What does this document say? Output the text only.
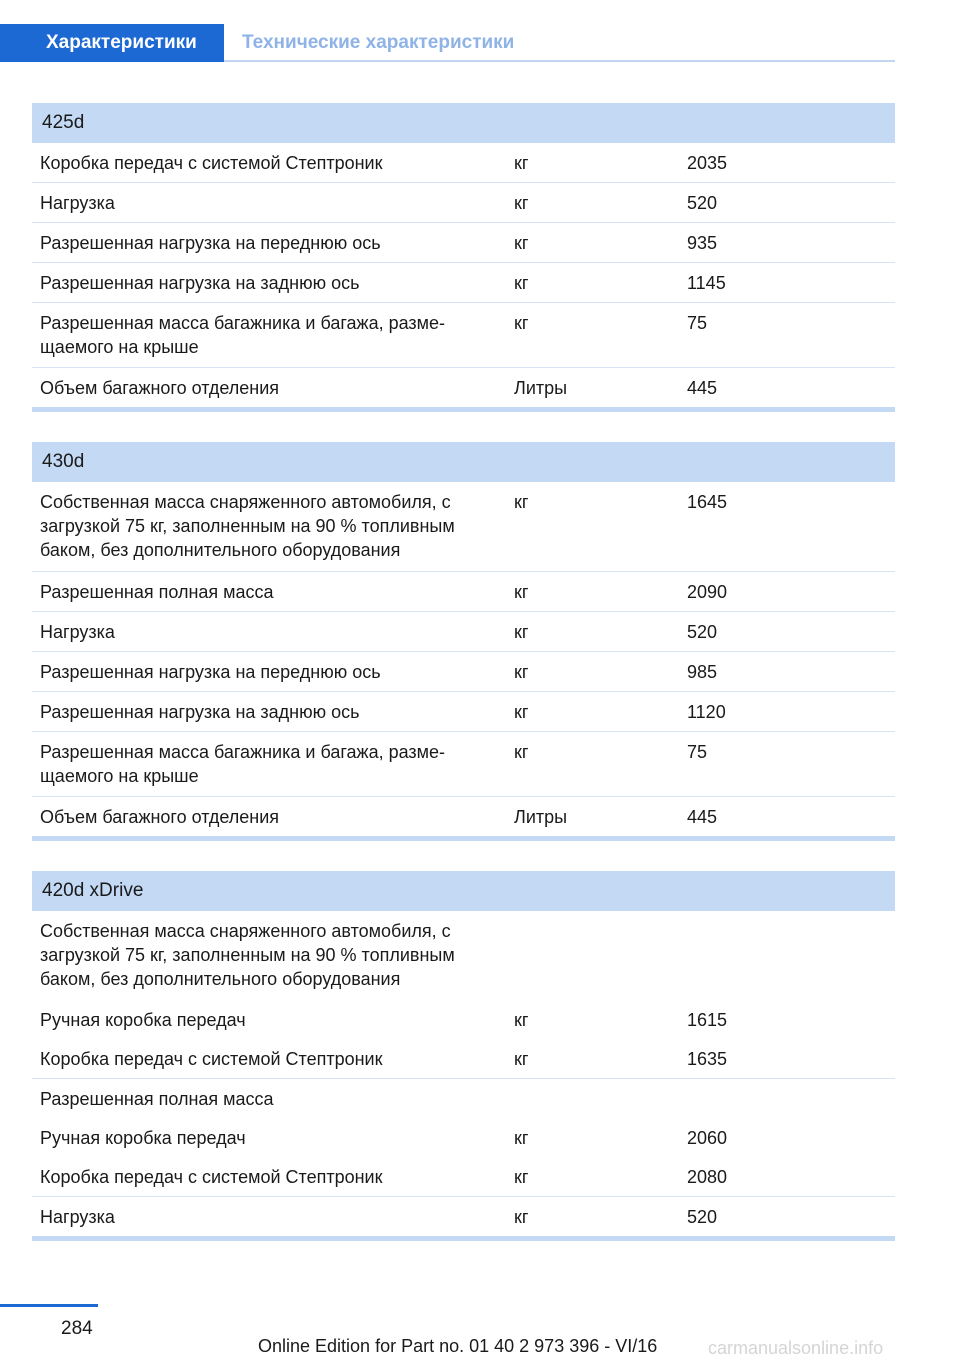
Характеристики	Технические характеристики
425d
Коробка передач с системой Стептроник	кг	2035
Нагрузка	кг	520
Разрешенная нагрузка на переднюю ось	кг	935
Разрешенная нагрузка на заднюю ось	кг	1145
Разрешенная масса багажника и багажа, разме-
щаемого на крыше
кг	75
Объем багажного отделения	Литры	445
430d
Собственная масса снаряженного автомобиля, с
загрузкой 75 кг, заполненным на 90 % топливным
баком, без дополнительного оборудования
кг	1645
Разрешенная полная масса	кг	2090
Нагрузка	кг	520
Разрешенная нагрузка на переднюю ось	кг	985
Разрешенная нагрузка на заднюю ось	кг	1120
Разрешенная масса багажника и багажа, разме-
щаемого на крыше
кг	75
Объем багажного отделения	Литры	445
420d xDrive
Собственная масса снаряженного автомобиля, с
загрузкой 75 кг, заполненным на 90 % топливным
баком, без дополнительного оборудования
Ручная коробка передач	кг	1615
Коробка передач с системой Стептроник	кг	1635
Разрешенная полная масса
Ручная коробка передач	кг	2060
Коробка передач с системой Стептроник	кг	2080
Нагрузка	кг	520
284
Online Edition for Part no. 01 40 2 973 396 - VI/16	carmanualsonline.info
